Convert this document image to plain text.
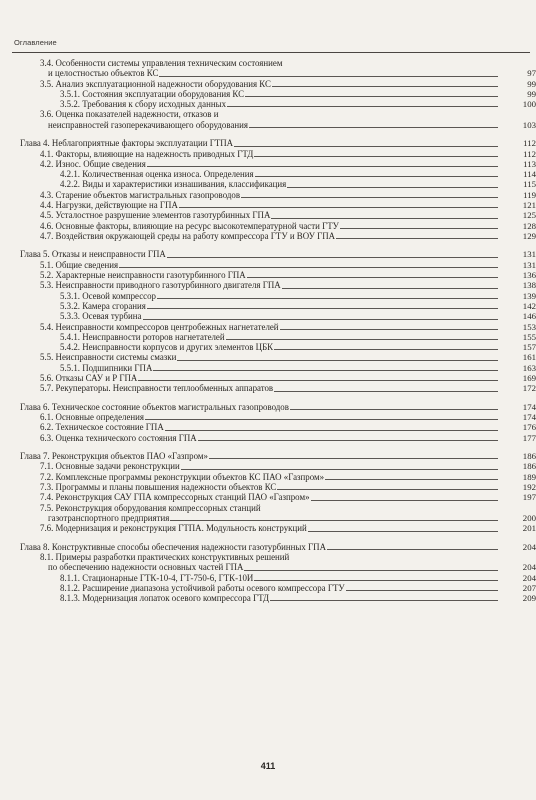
Оглавление
3.4. Особенности системы управления техническим состоянием
и целостностью объектов КС	97
3.5. Анализ эксплуатационной надежности оборудования КС	99
3.5.1. Состояния эксплуатации оборудования КС	99
3.5.2. Требования к сбору исходных данных	100
3.6. Оценка показателей надежности, отказов и
неисправностей газоперекачивающего оборудования	103
Глава 4. Неблагоприятные факторы эксплуатации ГТПА	112
4.1. Факторы, влияющие на надежность приводных ГТД	112
4.2. Износ. Общие сведения	113
4.2.1. Количественная оценка износа. Определения	114
4.2.2. Виды и характеристики изнашивания, классификация	115
4.3. Старение объектов магистральных газопроводов	119
4.4. Нагрузки, действующие на ГПА	121
4.5. Усталостное разрушение элементов газотурбинных ГПА	125
4.6. Основные факторы, влияющие на ресурс высокотемпературной части ГТУ	128
4.7. Воздействия окружающей среды на работу компрессора ГТУ и ВОУ ГПА	129
Глава 5. Отказы и неисправности ГПА	131
5.1. Общие сведения	131
5.2. Характерные неисправности газотурбинного ГПА	136
5.3. Неисправности приводного газотурбинного двигателя ГПА	138
5.3.1. Осевой компрессор	139
5.3.2. Камера сгорания	142
5.3.3. Осевая турбина	146
5.4. Неисправности компрессоров центробежных нагнетателей	153
5.4.1. Неисправности роторов нагнетателей	155
5.4.2. Неисправности корпусов и других элементов ЦБК	157
5.5. Неисправности системы смазки	161
5.5.1. Подшипники ГПА	163
5.6. Отказы САУ и Р ГПА	169
5.7. Рекуператоры. Неисправности теплообменных аппаратов	172
Глава 6. Техническое состояние объектов магистральных газопроводов	174
6.1. Основные определения	174
6.2. Техническое состояние ГПА	176
6.3. Оценка технического состояния ГПА	177
Глава 7. Реконструкция объектов ПАО «Газпром»	186
7.1. Основные задачи реконструкции	186
7.2. Комплексные программы реконструкции объектов КС ПАО «Газпром»	189
7.3. Программы и планы повышения надежности объектов КС	192
7.4. Реконструкция САУ ГПА компрессорных станций ПАО «Газпром»	197
7.5. Реконструкция оборудования компрессорных станций
газотранспортного предприятия	200
7.6. Модернизация и реконструкция ГТПА. Модульность конструкций	201
Глава 8. Конструктивные способы обеспечения надежности газотурбинных ГПА	204
8.1. Примеры разработки практических конструктивных решений
по обеспечению надежности основных частей ГПА	204
8.1.1. Стационарные ГТК-10-4, ГТ-750-6, ГТК-10И	204
8.1.2. Расширение диапазона устойчивой работы осевого компрессора ГТУ	207
8.1.3. Модернизация лопаток осевого компрессора ГТД	209
411
